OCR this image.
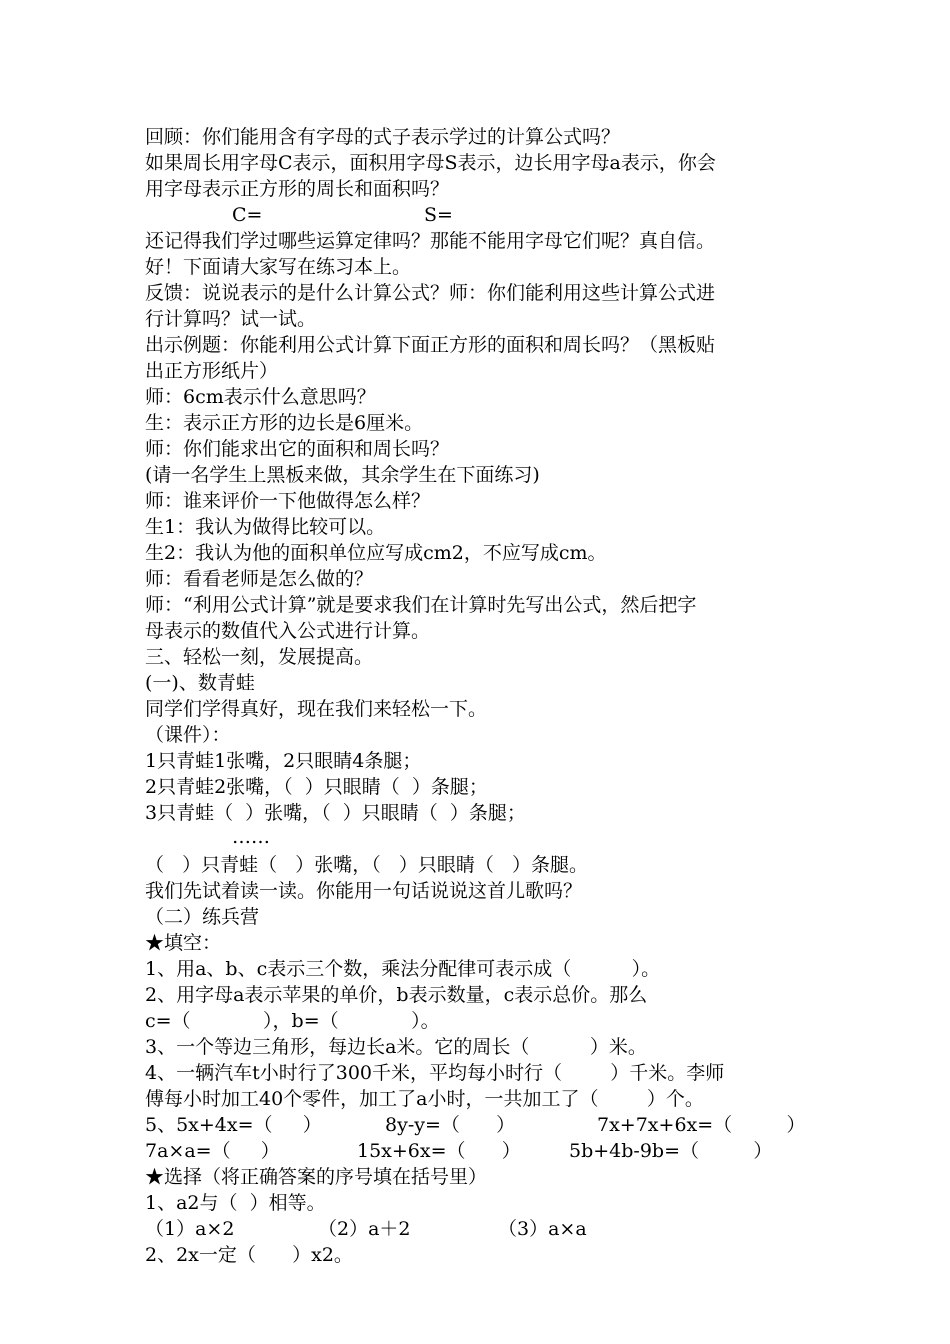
回顾：你们能用含有字母的式子表示学过的计算公式吗？
如果周长用字母C表示，面积用字母S表示，边长用字母a表示，你会
用字母表示正方形的周长和面积吗？
C=	S=
还记得我们学过哪些运算定律吗？那能不能用字母它们呢？真自信。
好！下面请大家写在练习本上。
反馈：说说表示的是什么计算公式？师：你们能利用这些计算公式进
行计算吗？试一试。
出示例题：你能利用公式计算下面正方形的面积和周长吗？（黑板贴
出正方形纸片）
师：6cm表示什么意思吗？
生：表示正方形的边长是6厘米。
师：你们能求出它的面积和周长吗？
(请一名学生上黑板来做，其余学生在下面练习)
师：谁来评价一下他做得怎么样？
生1：我认为做得比较可以。
生2：我认为他的面积单位应写成cm2，不应写成cm。
师：看看老师是怎么做的？
师：“利用公式计算”就是要求我们在计算时先写出公式，然后把字
母表示的数值代入公式进行计算。
三、轻松一刻，发展提高。
(一)、数青蛙
同学们学得真好，现在我们来轻松一下。
（课件）：
1只青蛙1张嘴，2只眼睛4条腿；
2只青蛙2张嘴，（  ）只眼睛（  ）条腿；
3只青蛙（  ）张嘴，（  ）只眼睛（  ）条腿；
……
（   ）只青蛙（   ）张嘴，（   ）只眼睛（   ）条腿。
我们先试着读一读。你能用一句话说说这首儿歌吗？
（二）练兵营
★填空：
1、用a、b、c表示三个数，乘法分配律可表示成（          ）。
2、用字母a表示苹果的单价，b表示数量，c表示总价。那么
c=（            ），b=（            ）。
3、一个等边三角形，每边长a米。它的周长（          ）米。
4、一辆汽车t小时行了300千米，平均每小时行（        ）千米。李师
傅每小时加工40个零件，加工了a小时，一共加工了（        ）个。
5、5x+4x=（     ）	8y-y=（      ）	7x+7x+6x=（         ）
7a×a=（     ）	15x+6x=（      ）	5b+4b-9b=（         ）
★选择（将正确答案的序号填在括号里）
1、a2与（  ）相等。
（1）a×2	（2）a＋2	（3）a×a
2、2x一定（      ）x2。
